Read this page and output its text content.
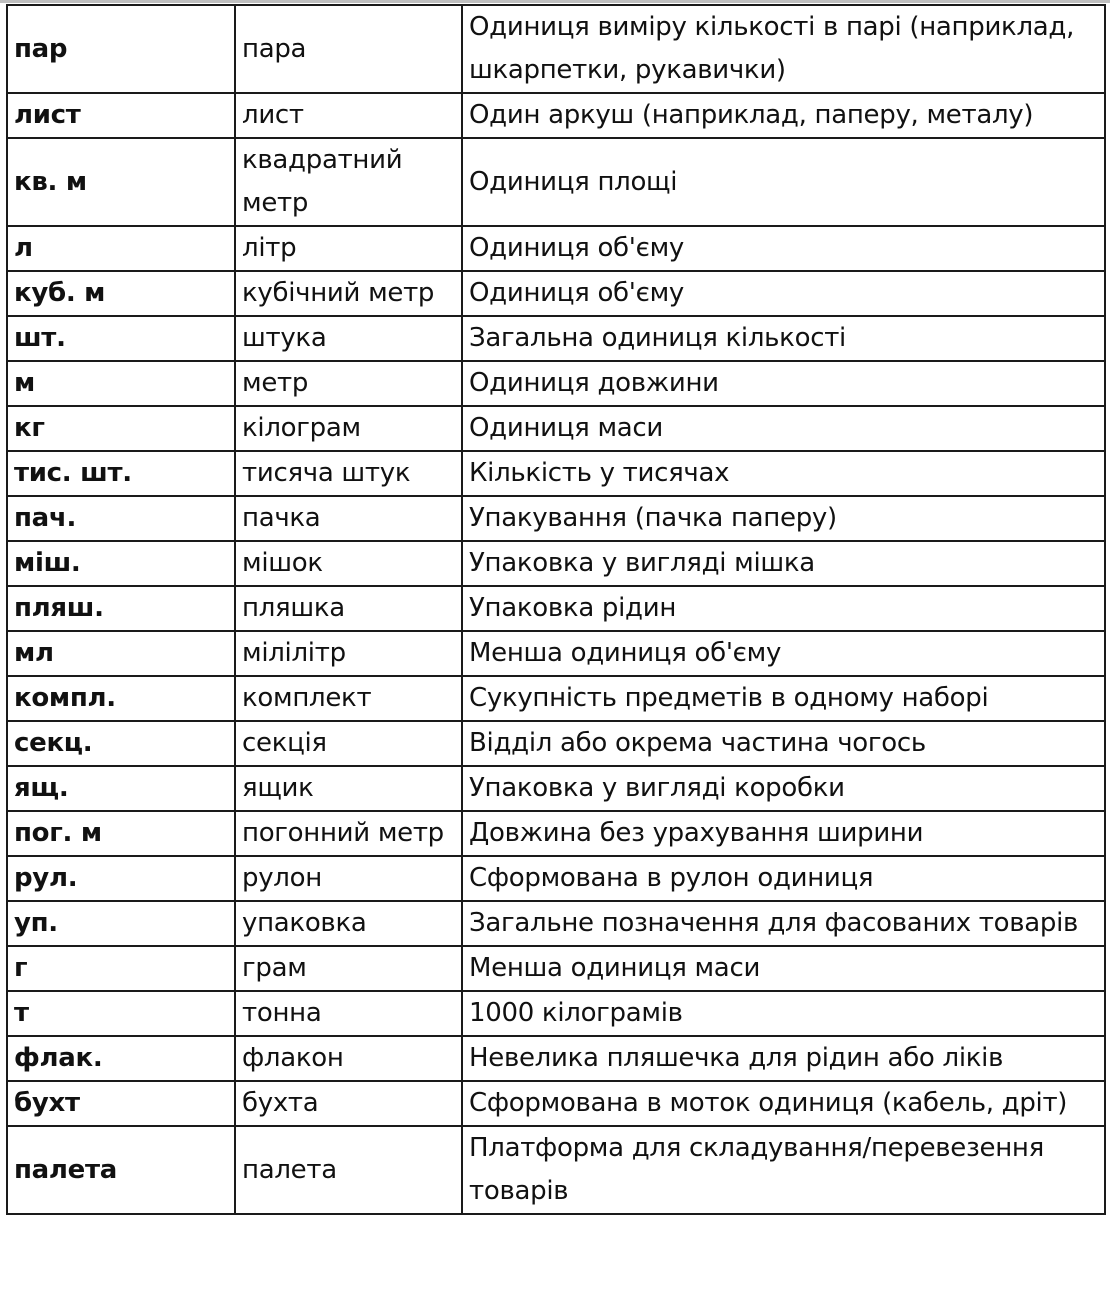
пар	пара	Одиниця виміру кількості в парі (наприклад, шкарпетки, рукавички)
лист	лист	Один аркуш (наприклад, паперу, металу)
кв. м	квадратний метр	Одиниця площі
л	літр	Одиниця об'єму
куб. м	кубічний метр	Одиниця об'єму
шт.	штука	Загальна одиниця кількості
м	метр	Одиниця довжини
кг	кілограм	Одиниця маси
тис. шт.	тисяча штук	Кількість у тисячах
пач.	пачка	Упакування (пачка паперу)
міш.	мішок	Упаковка у вигляді мішка
пляш.	пляшка	Упаковка рідин
мл	мілілітр	Менша одиниця об'єму
компл.	комплект	Сукупність предметів в одному наборі
секц.	секція	Відділ або окрема частина чогось
ящ.	ящик	Упаковка у вигляді коробки
пог. м	погонний метр	Довжина без урахування ширини
рул.	рулон	Сформована в рулон одиниця
уп.	упаковка	Загальне позначення для фасованих товарів
г	грам	Менша одиниця маси
т	тонна	1000 кілограмів
флак.	флакон	Невелика пляшечка для рідин або ліків
бухт	бухта	Сформована в моток одиниця (кабель, дріт)
палета	палета	Платформа для складування/перевезення товарів
